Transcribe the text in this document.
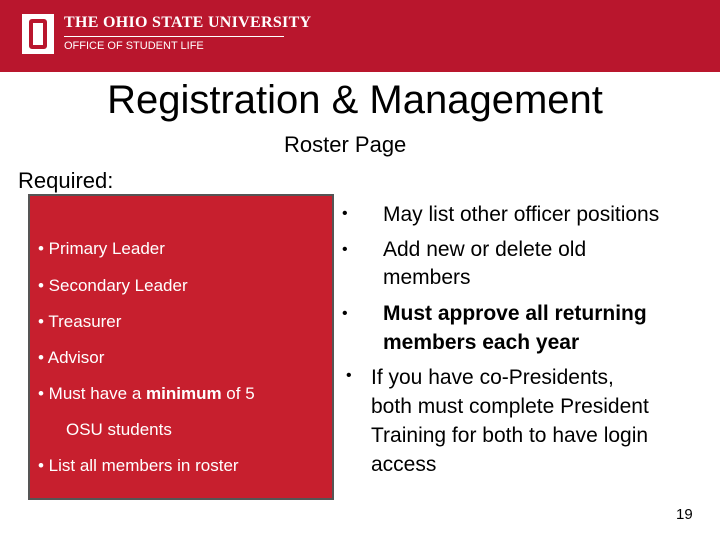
THE OHIO STATE UNIVERSITY
OFFICE OF STUDENT LIFE
Registration & Management
Roster Page
Required:
• Primary Leader
• Secondary Leader
• Treasurer
• Advisor
• Must have a minimum of 5
OSU students
• List all members in roster
• May list other officer positions
• Add new or delete old
members
• Must approve all returning
members each year
• If you have co-Presidents,
both must complete President
Training for both to have login
access
19
